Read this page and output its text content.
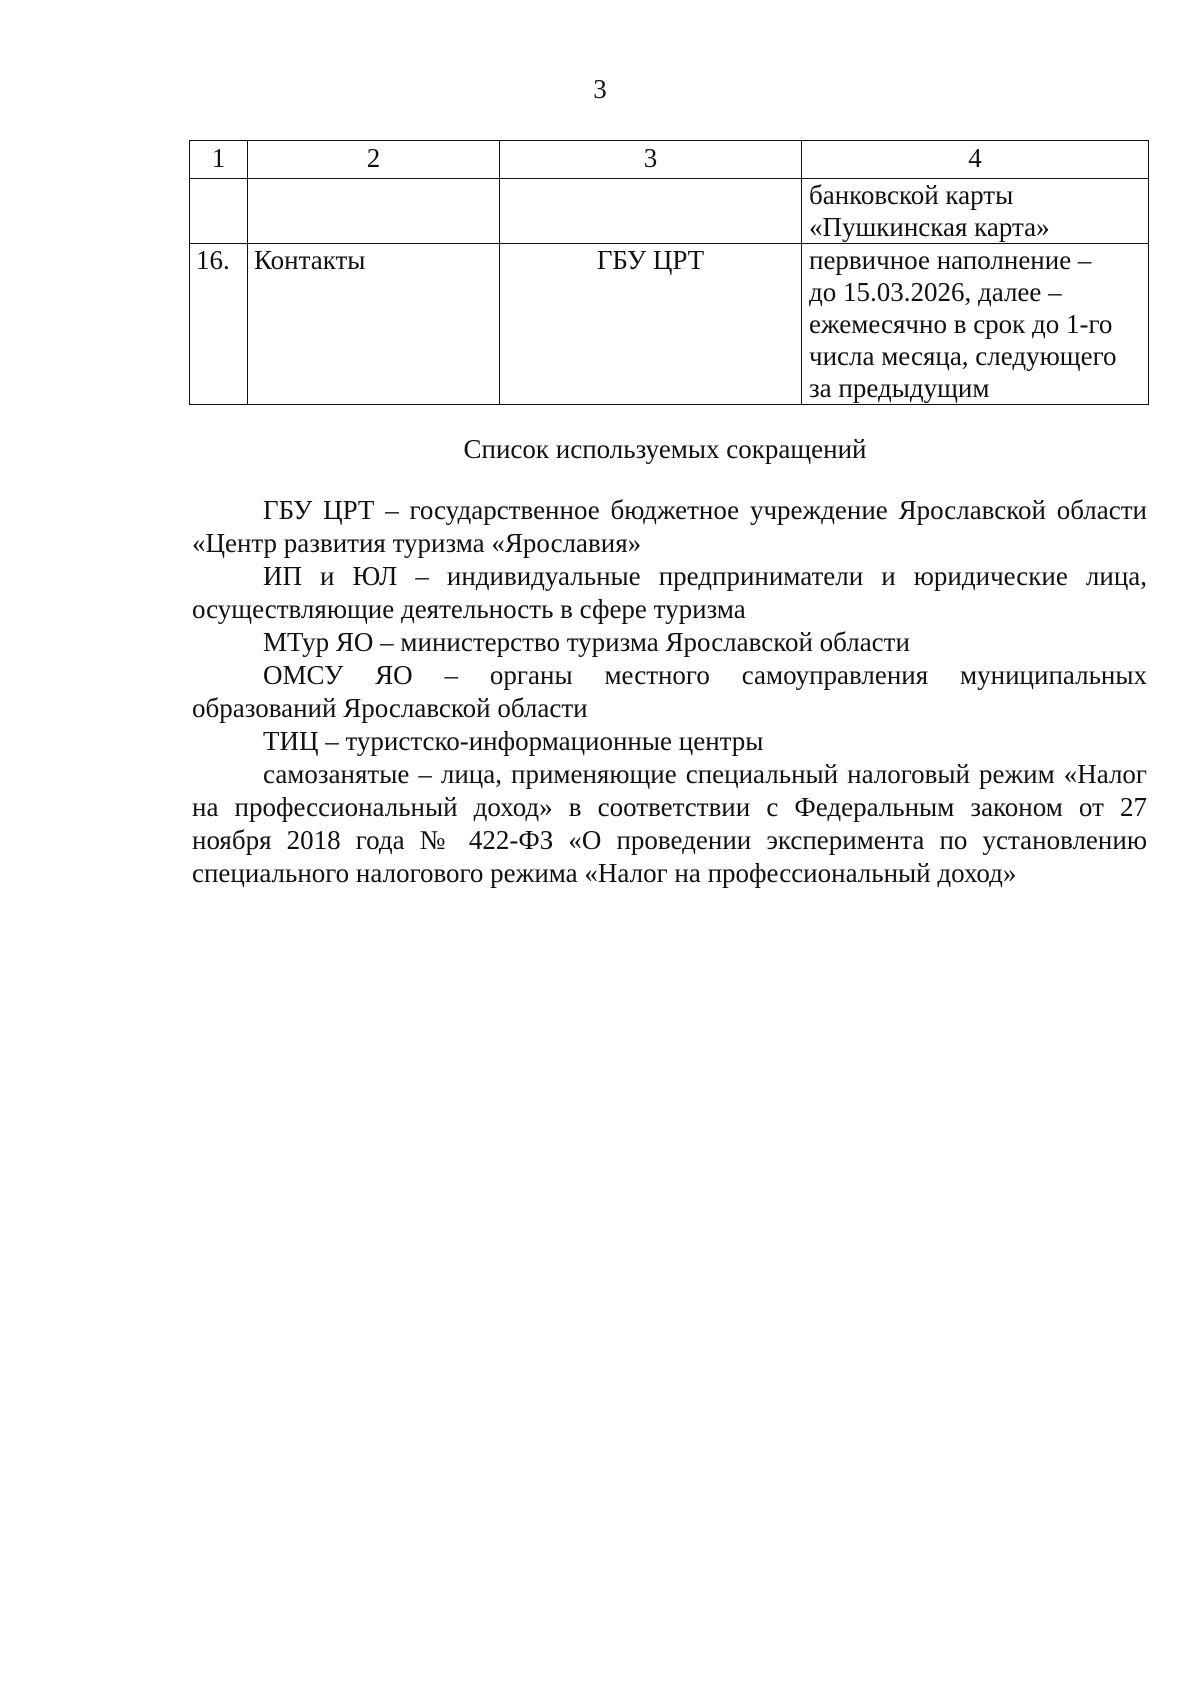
3
1	2	3	4

			банковской карты
«Пушкинская карта»

16.	Контакты	ГБУ ЦРТ	первичное наполнение –
до 15.03.2026, далее –
ежемесячно в срок до 1-го
числа месяца, следующего
за предыдущим
Список используемых сокращений

ГБУ ЦРТ – государственное бюджетное учреждение Ярославской области «Центр развития туризма «Ярославия»

ИП и ЮЛ – индивидуальные предприниматели и юридические лица, осуществляющие деятельность в сфере туризма

МТур ЯО – министерство туризма Ярославской области

ОМСУ ЯО – органы местного самоуправления муниципальных образований Ярославской области

ТИЦ – туристско-информационные центры

самозанятые – лица, применяющие специальный налоговый режим «Налог на профессиональный доход» в соответствии с Федеральным законом от 27 ноября 2018 года № 422-ФЗ «О проведении эксперимента по установлению специального налогового режима «Налог на профессиональный доход»
